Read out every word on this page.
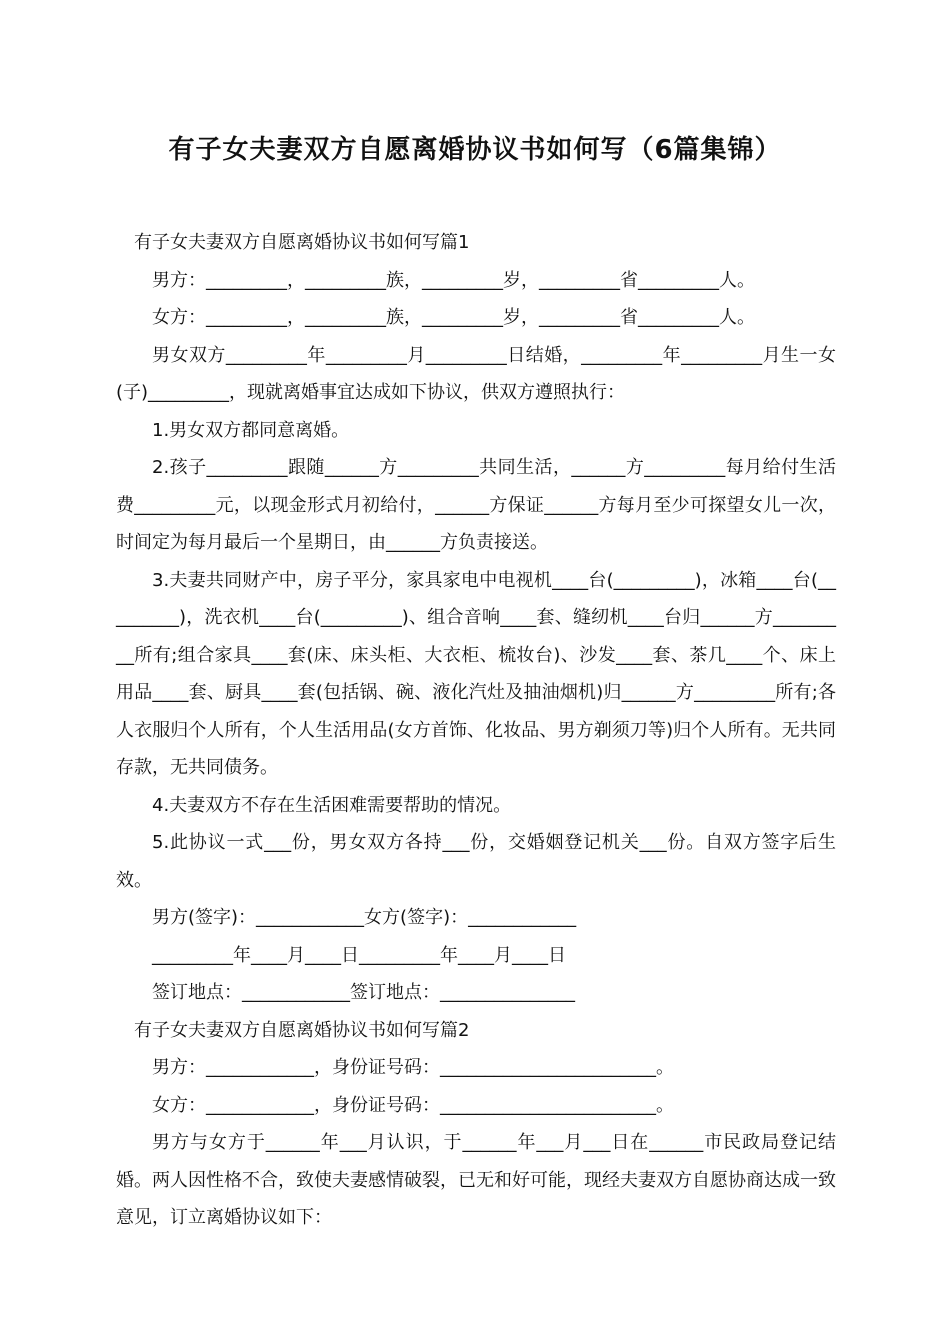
有子女夫妻双方自愿离婚协议书如何写（6篇集锦）

有子女夫妻双方自愿离婚协议书如何写篇1

男方：_________，_________族，_________岁，_________省_________人。

女方：_________，_________族，_________岁，_________省_________人。

男女双方_________年_________月_________日结婚，_________年_________月生一女(子)_________，现就离婚事宜达成如下协议，供双方遵照执行：

1.男女双方都同意离婚。

2.孩子_________跟随______方_________共同生活，______方_________每月给付生活费_________元，以现金形式月初给付，______方保证______方每月至少可探望女儿一次，时间定为每月最后一个星期日，由______方负责接送。

3.夫妻共同财产中，房子平分，家具家电中电视机____台(_________)，冰箱____台(_________)，洗衣机____台(_________)、组合音响____套、缝纫机____台归______方_________所有;组合家具____套(床、床头柜、大衣柜、梳妆台)、沙发____套、茶几____个、床上用品____套、厨具____套(包括锅、碗、液化汽灶及抽油烟机)归______方_________所有;各人衣服归个人所有，个人生活用品(女方首饰、化妆品、男方剃须刀等)归个人所有。无共同存款，无共同债务。

4.夫妻双方不存在生活困难需要帮助的情况。

5.此协议一式___份，男女双方各持___份，交婚姻登记机关___份。自双方签字后生效。

男方(签字)：____________女方(签字)：____________

_________年____月____日_________年____月____日

签订地点：____________签订地点：_______________

有子女夫妻双方自愿离婚协议书如何写篇2

男方：____________，身份证号码：________________________。

女方：____________，身份证号码：________________________。

男方与女方于______年___月认识，于______年___月___日在______市民政局登记结婚。两人因性格不合，致使夫妻感情破裂，已无和好可能，现经夫妻双方自愿协商达成一致意见，订立离婚协议如下：
